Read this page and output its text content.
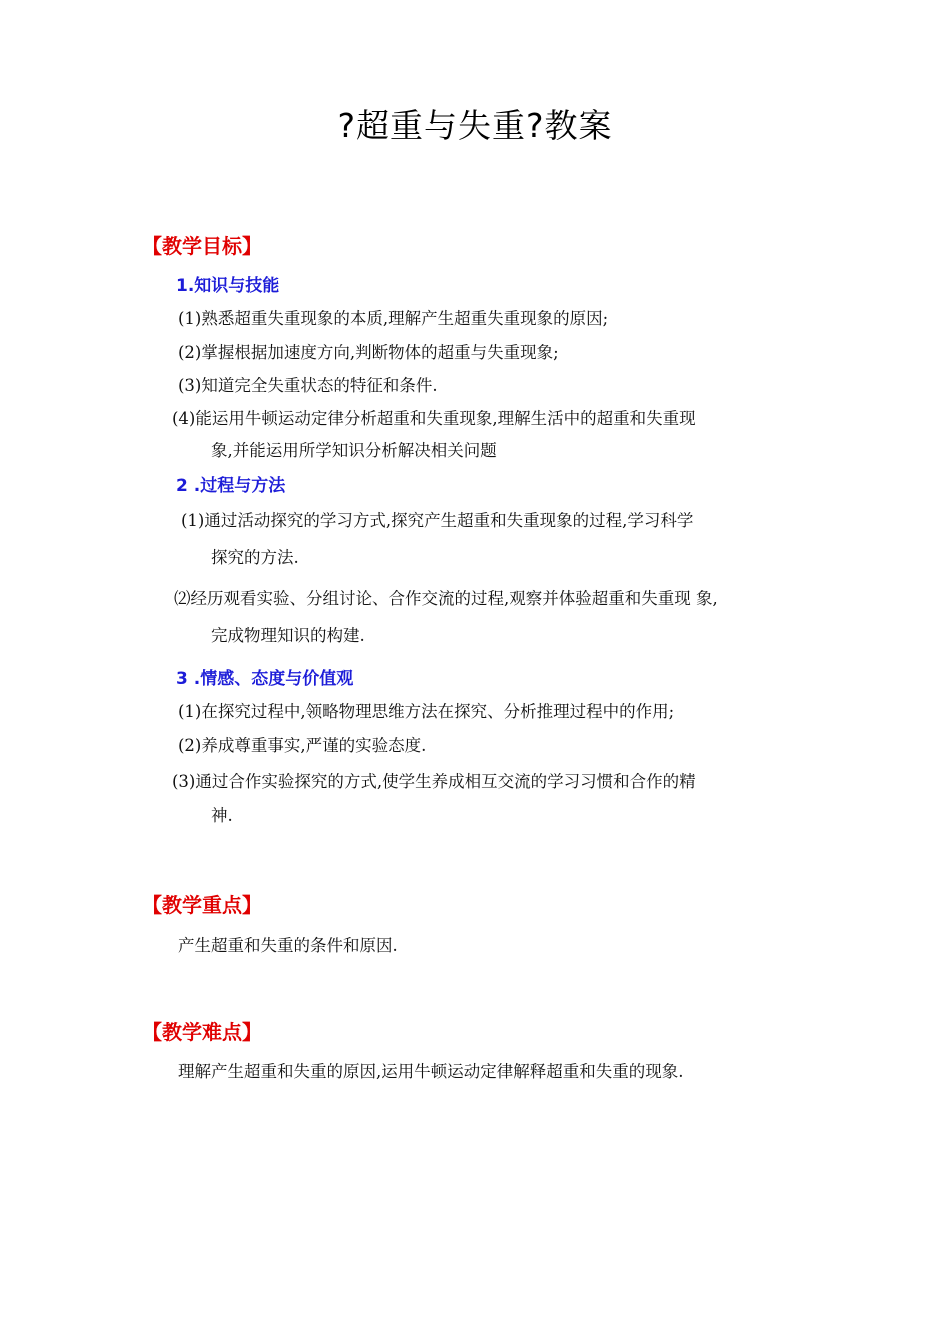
?超重与失重?教案
【教学目标】
1.知识与技能
(1)熟悉超重失重现象的本质,理解产生超重失重现象的原因;
(2)掌握根据加速度方向,判断物体的超重与失重现象;
(3)知道完全失重状态的特征和条件.
(4)能运用牛顿运动定律分析超重和失重现象,理解生活中的超重和失重现
象,并能运用所学知识分析解决相关问题
2 .过程与方法
(1)通过活动探究的学习方式,探究产生超重和失重现象的过程,学习科学
探究的方法.
⑵经历观看实验、分组讨论、合作交流的过程,观察并体验超重和失重现 象,
完成物理知识的构建.
3 .情感、态度与价值观
(1)在探究过程中,领略物理思维方法在探究、分析推理过程中的作用;
(2)养成尊重事实,严谨的实验态度.
(3)通过合作实验探究的方式,使学生养成相互交流的学习习惯和合作的精
神.
【教学重点】
产生超重和失重的条件和原因.
【教学难点】
理解产生超重和失重的原因,运用牛顿运动定律解释超重和失重的现象.
